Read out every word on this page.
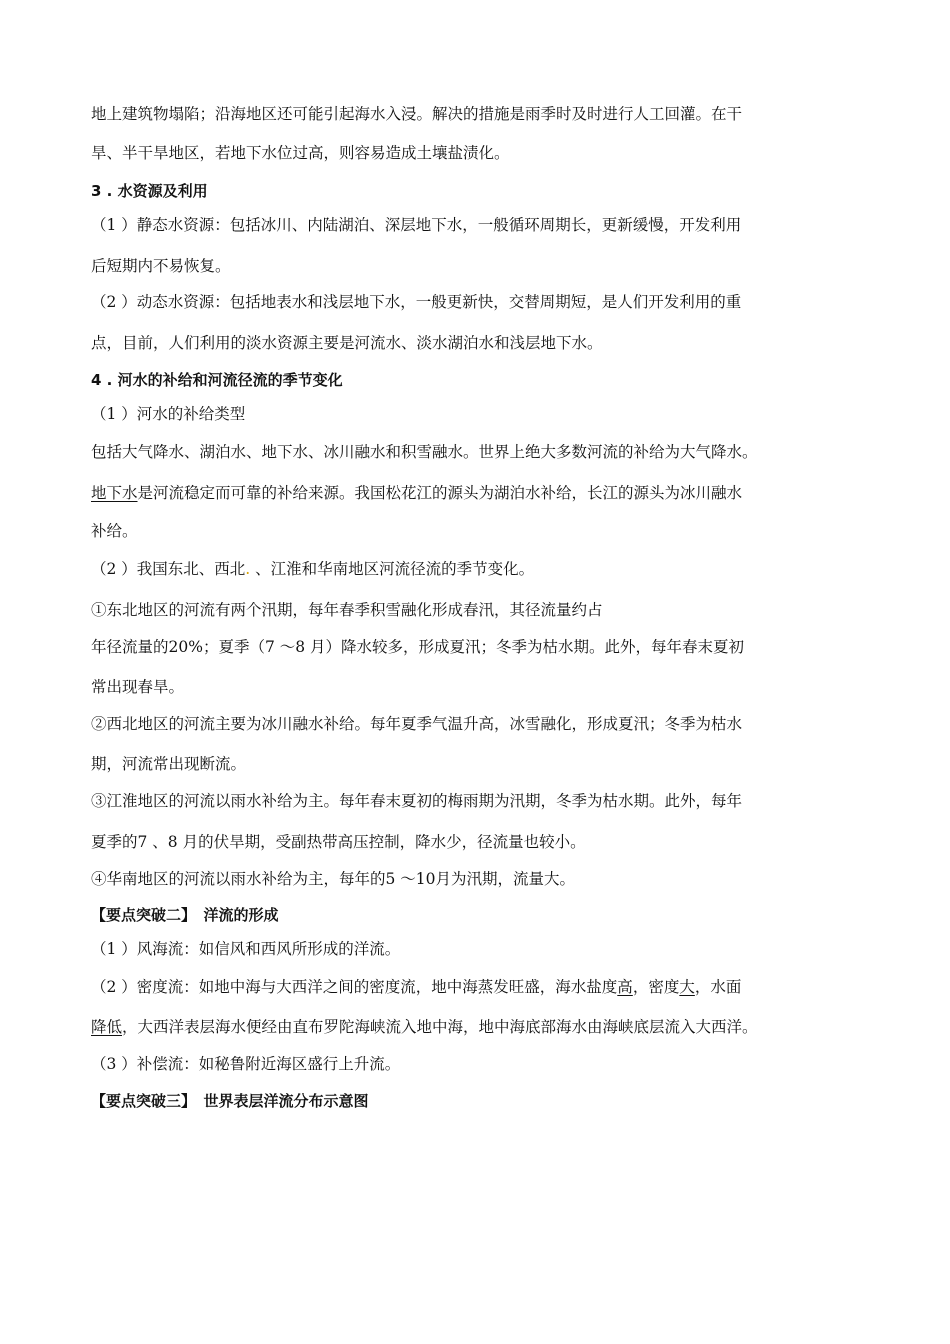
地上建筑物塌陷；沿海地区还可能引起海水入浸。解决的措施是雨季时及时进行人工回灌。在干
旱、半干旱地区，若地下水位过高，则容易造成土壤盐渍化。
3 . 水资源及利用
（1 ）静态水资源：包括冰川、内陆湖泊、深层地下水，一般循环周期长，更新缓慢，开发利用
后短期内不易恢复。
（2 ）动态水资源：包括地表水和浅层地下水，一般更新快，交替周期短，是人们开发利用的重
点，目前，人们利用的淡水资源主要是河流水、淡水湖泊水和浅层地下水。
4 . 河水的补给和河流径流的季节变化
（1 ）河水的补给类型
包括大气降水、湖泊水、地下水、冰川融水和积雪融水。世界上绝大多数河流的补给为大气降水。
地下水是河流稳定而可靠的补给来源。我国松花江的源头为湖泊水补给，长江的源头为冰川融水
补给。
（2 ）我国东北、西北. 、江淮和华南地区河流径流的季节变化。
①东北地区的河流有两个汛期，每年春季积雪融化形成春汛，其径流量约占
年径流量的20%；夏季（7 ～8 月）降水较多，形成夏汛；冬季为枯水期。此外，每年春末夏初
常出现春旱。
②西北地区的河流主要为冰川融水补给。每年夏季气温升高，冰雪融化，形成夏汛；冬季为枯水
期，河流常出现断流。
③江淮地区的河流以雨水补给为主。每年春末夏初的梅雨期为汛期，冬季为枯水期。此外，每年
夏季的7 、8 月的伏旱期，受副热带高压控制，降水少，径流量也较小。
④华南地区的河流以雨水补给为主，每年的5 ～10月为汛期，流量大。
【要点突破二】　洋流的形成
（1 ）风海流：如信风和西风所形成的洋流。
（2 ）密度流：如地中海与大西洋之间的密度流，地中海蒸发旺盛，海水盐度高，密度大，水面
降低，大西洋表层海水便经由直布罗陀海峡流入地中海，地中海底部海水由海峡底层流入大西洋。
（3 ）补偿流：如秘鲁附近海区盛行上升流。
【要点突破三】　世界表层洋流分布示意图
